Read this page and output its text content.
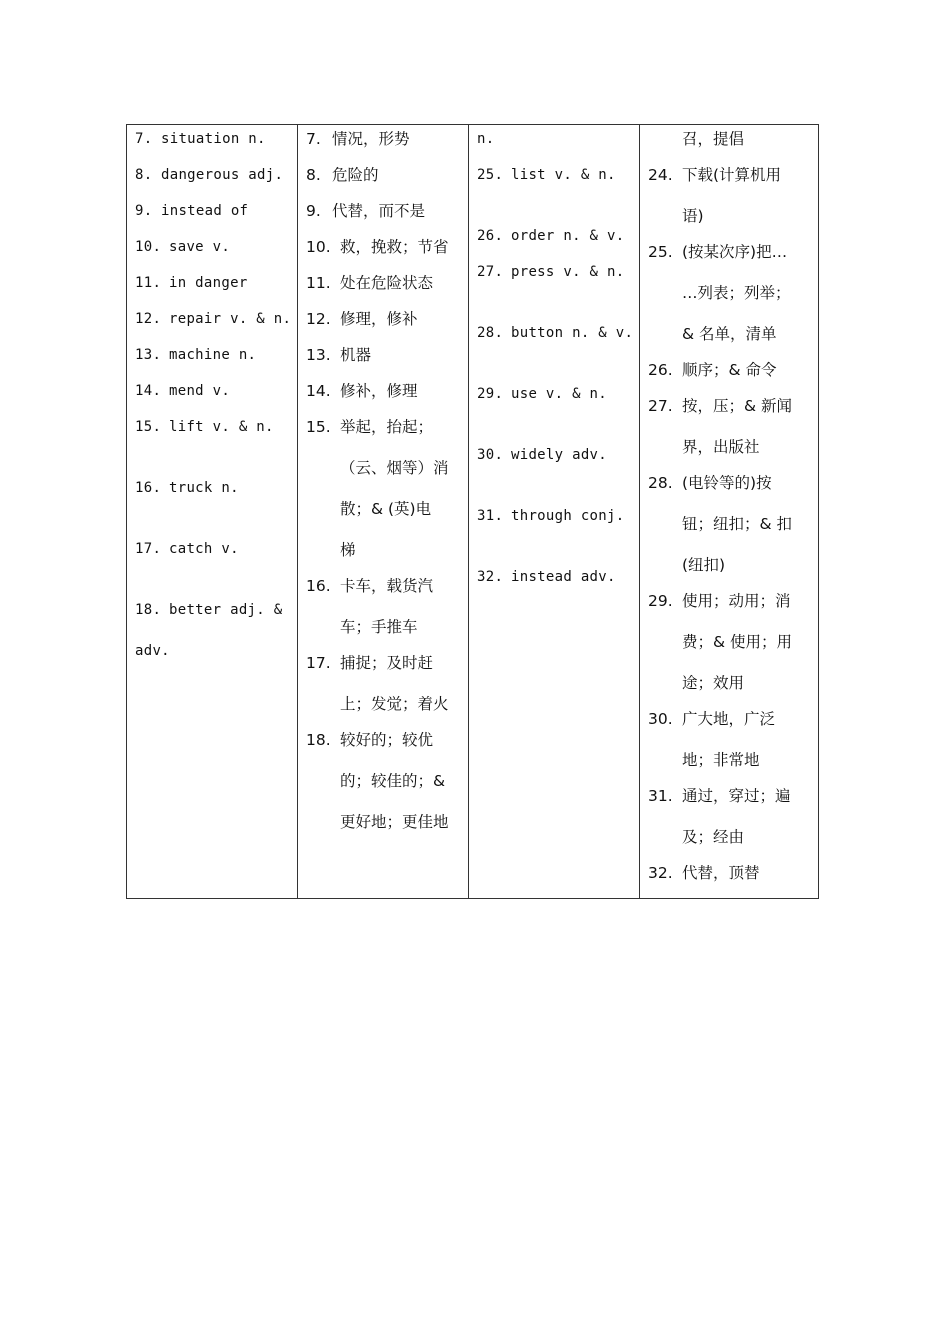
7. situation n.
8. dangerous adj.
9. instead of
10. save v.
11. in danger
12. repair v. & n.
13. machine n.
14. mend v.
15. lift v. & n.
16. truck n.
17. catch v.
18. better adj. &
adv.

7. 情况，形势
8. 危险的
9. 代替，而不是
10. 救，挽救；节省
11. 处在危险状态
12. 修理，修补
13. 机器
14. 修补，修理
15. 举起，抬起；
（云、烟等）消
散；& (英)电
梯
16. 卡车，载货汽
车；手推车
17. 捕捉；及时赶
上；发觉；着火
18. 较好的；较优
的；较佳的；&
更好地；更佳地

n.
25. list v. & n.
26. order n. & v.
27. press v. & n.
28. button n. & v.
29. use v. & n.
30. widely adv.
31. through conj.
32. instead adv.

召，提倡
24. 下载(计算机用
语)
25. (按某次序)把…
…列表；列举；
& 名单，清单
26. 顺序；& 命令
27. 按，压；& 新闻
界，出版社
28. (电铃等的)按
钮；纽扣；& 扣
(纽扣)
29. 使用；动用；消
费；& 使用；用
途；效用
30. 广大地，广泛
地；非常地
31. 通过，穿过；遍
及；经由
32. 代替，顶替
